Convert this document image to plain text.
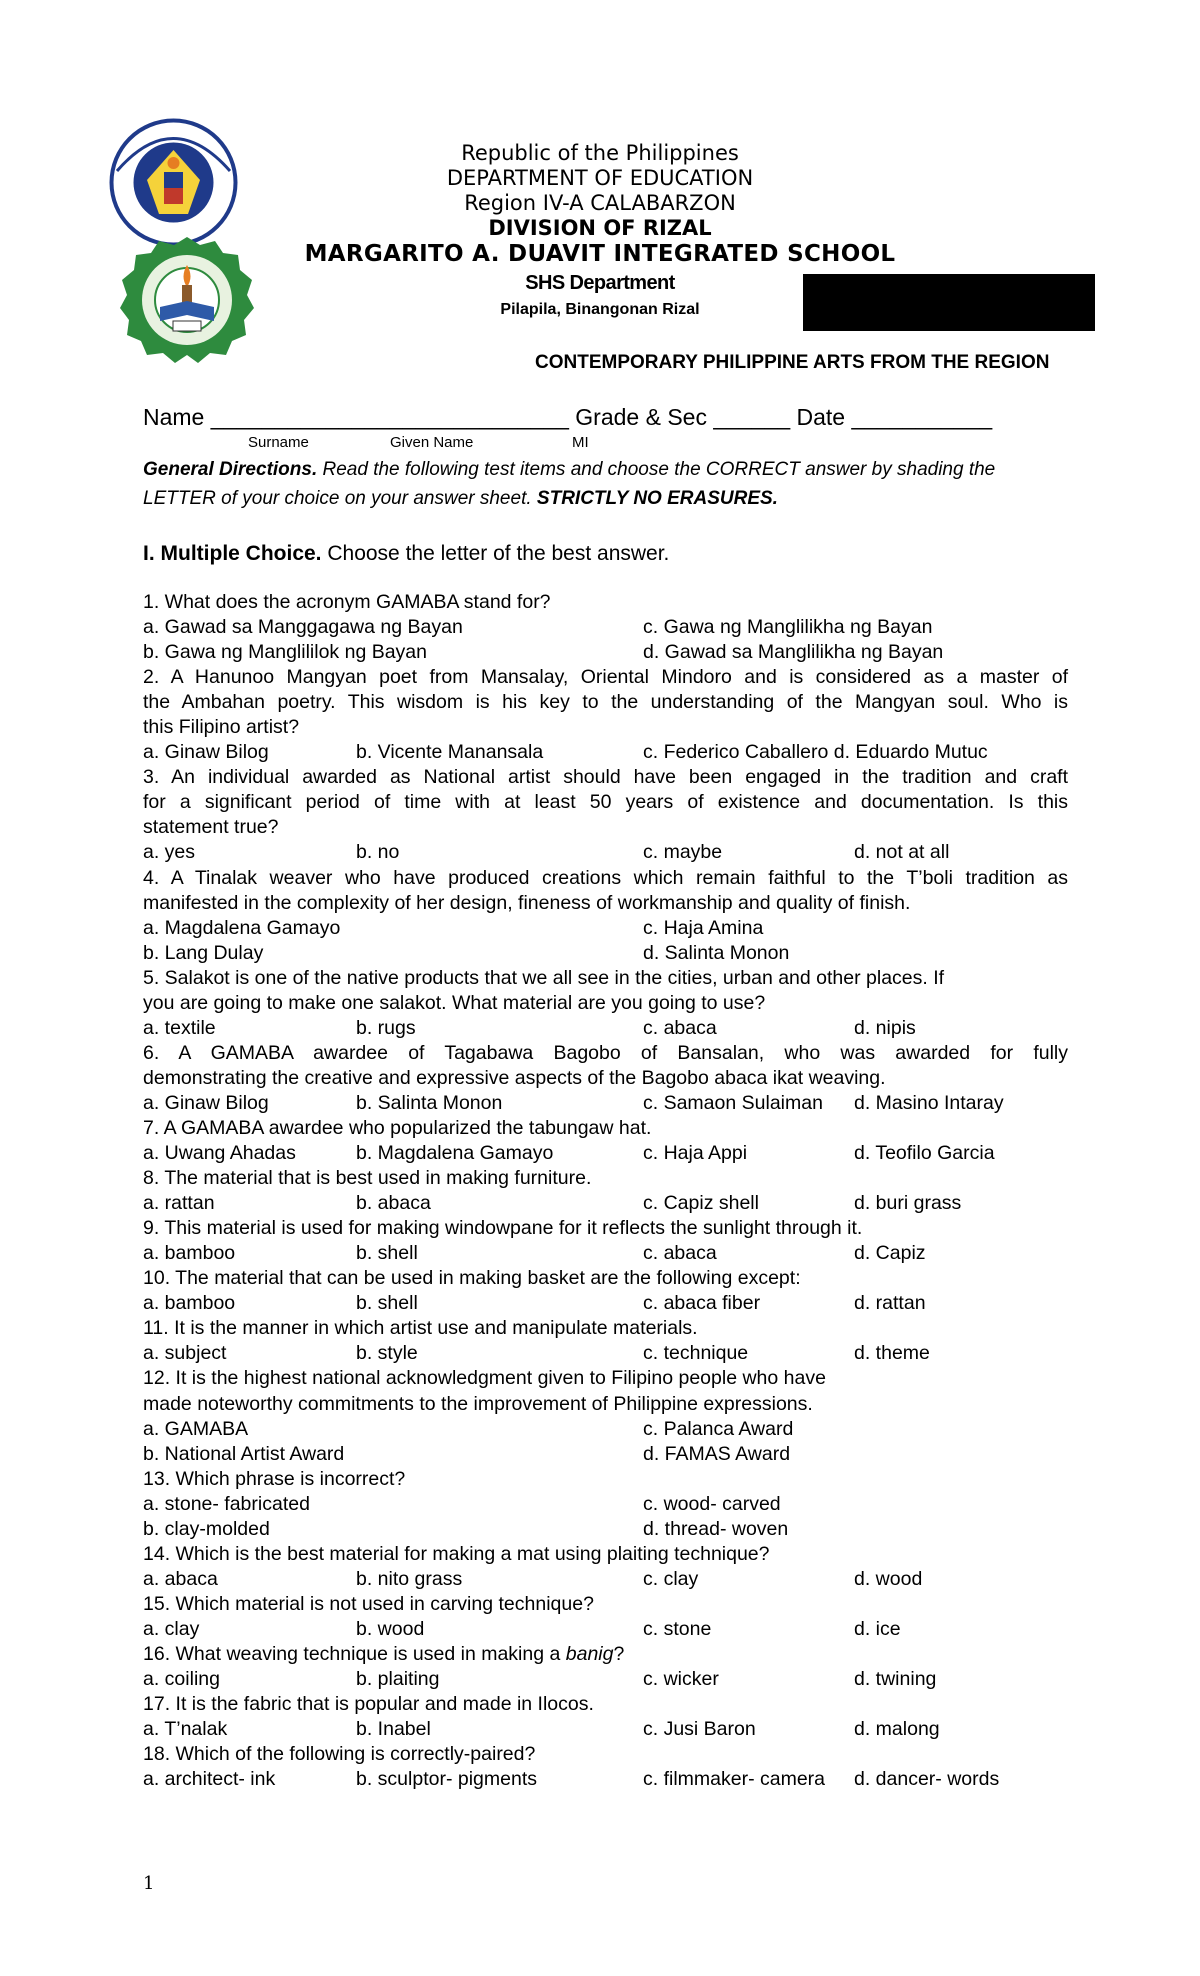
Republic of the Philippines
DEPARTMENT OF EDUCATION
Region IV-A CALABARZON
DIVISION OF RIZAL
MARGARITO A. DUAVIT INTEGRATED SCHOOL
SHS Department
Pilapila, Binangonan Rizal
CONTEMPORARY PHILIPPINE ARTS FROM THE REGION
Name ____________________________ Grade & Sec ______ Date ___________
Surname	Given Name	MI
General Directions. Read the following test items and choose the CORRECT answer by shading the LETTER of your choice on your answer sheet. STRICTLY NO ERASURES.
I. Multiple Choice. Choose the letter of the best answer.
1. What does the acronym GAMABA stand for?
a. Gawad sa Manggagawa ng Bayan	c. Gawa ng Manglilikha ng Bayan
b. Gawa ng Manglililok ng Bayan	d. Gawad sa Manglilikha ng Bayan
2. A Hanunoo Mangyan poet from Mansalay, Oriental Mindoro and is considered as a master of
the Ambahan poetry. This wisdom is his key to the understanding of the Mangyan soul. Who is
this Filipino artist?
a. Ginaw Bilog	b. Vicente Manansala	c. Federico Caballero d. Eduardo Mutuc
3. An individual awarded as National artist should have been engaged in the tradition and craft
for a significant period of time with at least 50 years of existence and documentation. Is this
statement true?
a. yes	b. no	c. maybe	d. not at all
4. A Tinalak weaver who have produced creations which remain faithful to the T’boli tradition as
manifested in the complexity of her design, fineness of workmanship and quality of finish.
a. Magdalena Gamayo	c. Haja Amina
b. Lang Dulay	d. Salinta Monon
5. Salakot is one of the native products that we all see in the cities, urban and other places. If
you are going to make one salakot. What material are you going to use?
a. textile	b. rugs	c. abaca	d. nipis
6. A GAMABA awardee of Tagabawa Bagobo of Bansalan, who was awarded for fully
demonstrating the creative and expressive aspects of the Bagobo abaca ikat weaving.
a. Ginaw Bilog	b. Salinta Monon	c. Samaon Sulaiman d. Masino Intaray
7. A GAMABA awardee who popularized the tabungaw hat.
a. Uwang Ahadas	b. Magdalena Gamayo	c. Haja Appi	d. Teofilo Garcia
8. The material that is best used in making furniture.
a. rattan	b. abaca	c. Capiz shell	d. buri grass
9. This material is used for making windowpane for it reflects the sunlight through it.
a. bamboo	b. shell	c. abaca	d. Capiz
10. The material that can be used in making basket are the following except:
a. bamboo	b. shell	c. abaca fiber	d. rattan
11. It is the manner in which artist use and manipulate materials.
a. subject	b. style	c. technique	d. theme
12. It is the highest national acknowledgment given to Filipino people who have
made noteworthy commitments to the improvement of Philippine expressions.
a. GAMABA	c. Palanca Award
b. National Artist Award	d. FAMAS Award
13. Which phrase is incorrect?
a. stone- fabricated	c. wood- carved
b. clay-molded	d. thread- woven
14. Which is the best material for making a mat using plaiting technique?
a. abaca	b. nito grass	c. clay	d. wood
15. Which material is not used in carving technique?
a. clay	b. wood	c. stone	d. ice
16. What weaving technique is used in making a banig?
a. coiling	b. plaiting	c. wicker	d. twining
17. It is the fabric that is popular and made in Ilocos.
a. T’nalak	b. Inabel	c. Jusi Baron	d. malong
18. Which of the following is correctly-paired?
a. architect- ink	b. sculptor- pigments	c. filmmaker- camera d. dancer- words
1
